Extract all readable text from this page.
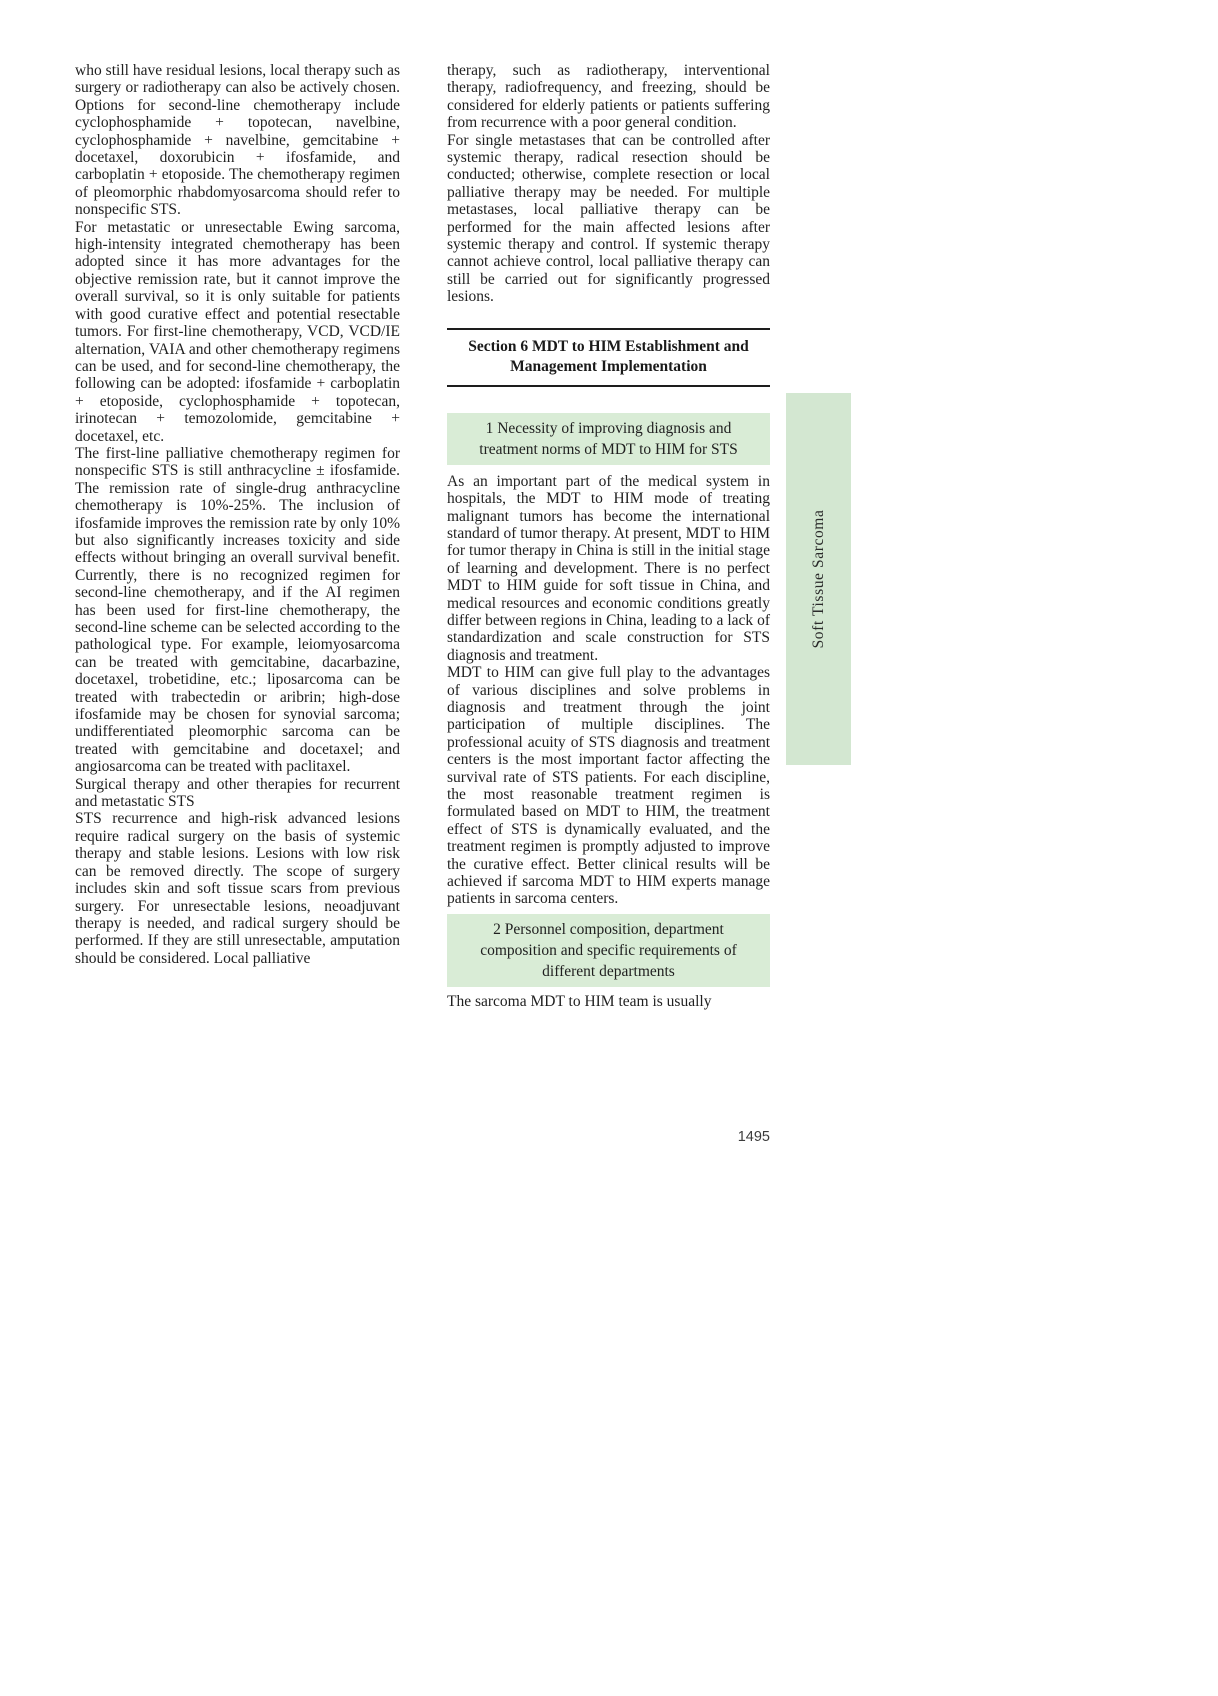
who still have residual lesions, local therapy such as surgery or radiotherapy can also be actively chosen. Options for second-line chemotherapy include cyclophosphamide + topotecan, navelbine, cyclophosphamide + navelbine, gemcitabine + docetaxel, doxorubicin + ifosfamide, and carboplatin + etoposide. The chemotherapy regimen of pleomorphic rhabdomyosarcoma should refer to nonspecific STS.

For metastatic or unresectable Ewing sarcoma, high-intensity integrated chemotherapy has been adopted since it has more advantages for the objective remission rate, but it cannot improve the overall survival, so it is only suitable for patients with good curative effect and potential resectable tumors. For first-line chemotherapy, VCD, VCD/IE alternation, VAIA and other chemotherapy regimens can be used, and for second-line chemotherapy, the following can be adopted: ifosfamide + carboplatin + etoposide, cyclophosphamide + topotecan, irinotecan + temozolomide, gemcitabine + docetaxel, etc.

The first-line palliative chemotherapy regimen for nonspecific STS is still anthracycline ± ifosfamide. The remission rate of single-drug anthracycline chemotherapy is 10%-25%. The inclusion of ifosfamide improves the remission rate by only 10% but also significantly increases toxicity and side effects without bringing an overall survival benefit. Currently, there is no recognized regimen for second-line chemotherapy, and if the AI regimen has been used for first-line chemotherapy, the second-line scheme can be selected according to the pathological type. For example, leiomyosarcoma can be treated with gemcitabine, dacarbazine, docetaxel, trobetidine, etc.; liposarcoma can be treated with trabectedin or aribrin; high-dose ifosfamide may be chosen for synovial sarcoma; undifferentiated pleomorphic sarcoma can be treated with gemcitabine and docetaxel; and angiosarcoma can be treated with paclitaxel.

Surgical therapy and other therapies for recurrent and metastatic STS

STS recurrence and high-risk advanced lesions require radical surgery on the basis of systemic therapy and stable lesions. Lesions with low risk can be removed directly. The scope of surgery includes skin and soft tissue scars from previous surgery. For unresectable lesions, neoadjuvant therapy is needed, and radical surgery should be performed. If they are still unresectable, amputation should be considered. Local palliative

therapy, such as radiotherapy, interventional therapy, radiofrequency, and freezing, should be considered for elderly patients or patients suffering from recurrence with a poor general condition.

For single metastases that can be controlled after systemic therapy, radical resection should be conducted; otherwise, complete resection or local palliative therapy may be needed. For multiple metastases, local palliative therapy can be performed for the main affected lesions after systemic therapy and control. If systemic therapy cannot achieve control, local palliative therapy can still be carried out for significantly progressed lesions.

Section 6 MDT to HIM Establishment and Management Implementation
1 Necessity of improving diagnosis and treatment norms of MDT to HIM for STS

As an important part of the medical system in hospitals, the MDT to HIM mode of treating malignant tumors has become the international standard of tumor therapy. At present, MDT to HIM for tumor therapy in China is still in the initial stage of learning and development. There is no perfect MDT to HIM guide for soft tissue in China, and medical resources and economic conditions greatly differ between regions in China, leading to a lack of standardization and scale construction for STS diagnosis and treatment.

MDT to HIM can give full play to the advantages of various disciplines and solve problems in diagnosis and treatment through the joint participation of multiple disciplines. The professional acuity of STS diagnosis and treatment centers is the most important factor affecting the survival rate of STS patients. For each discipline, the most reasonable treatment regimen is formulated based on MDT to HIM, the treatment effect of STS is dynamically evaluated, and the treatment regimen is promptly adjusted to improve the curative effect. Better clinical results will be achieved if sarcoma MDT to HIM experts manage patients in sarcoma centers.

2 Personnel composition, department composition and specific requirements of different departments

The sarcoma MDT to HIM team is usually

Soft Tissue Sarcoma
1495
